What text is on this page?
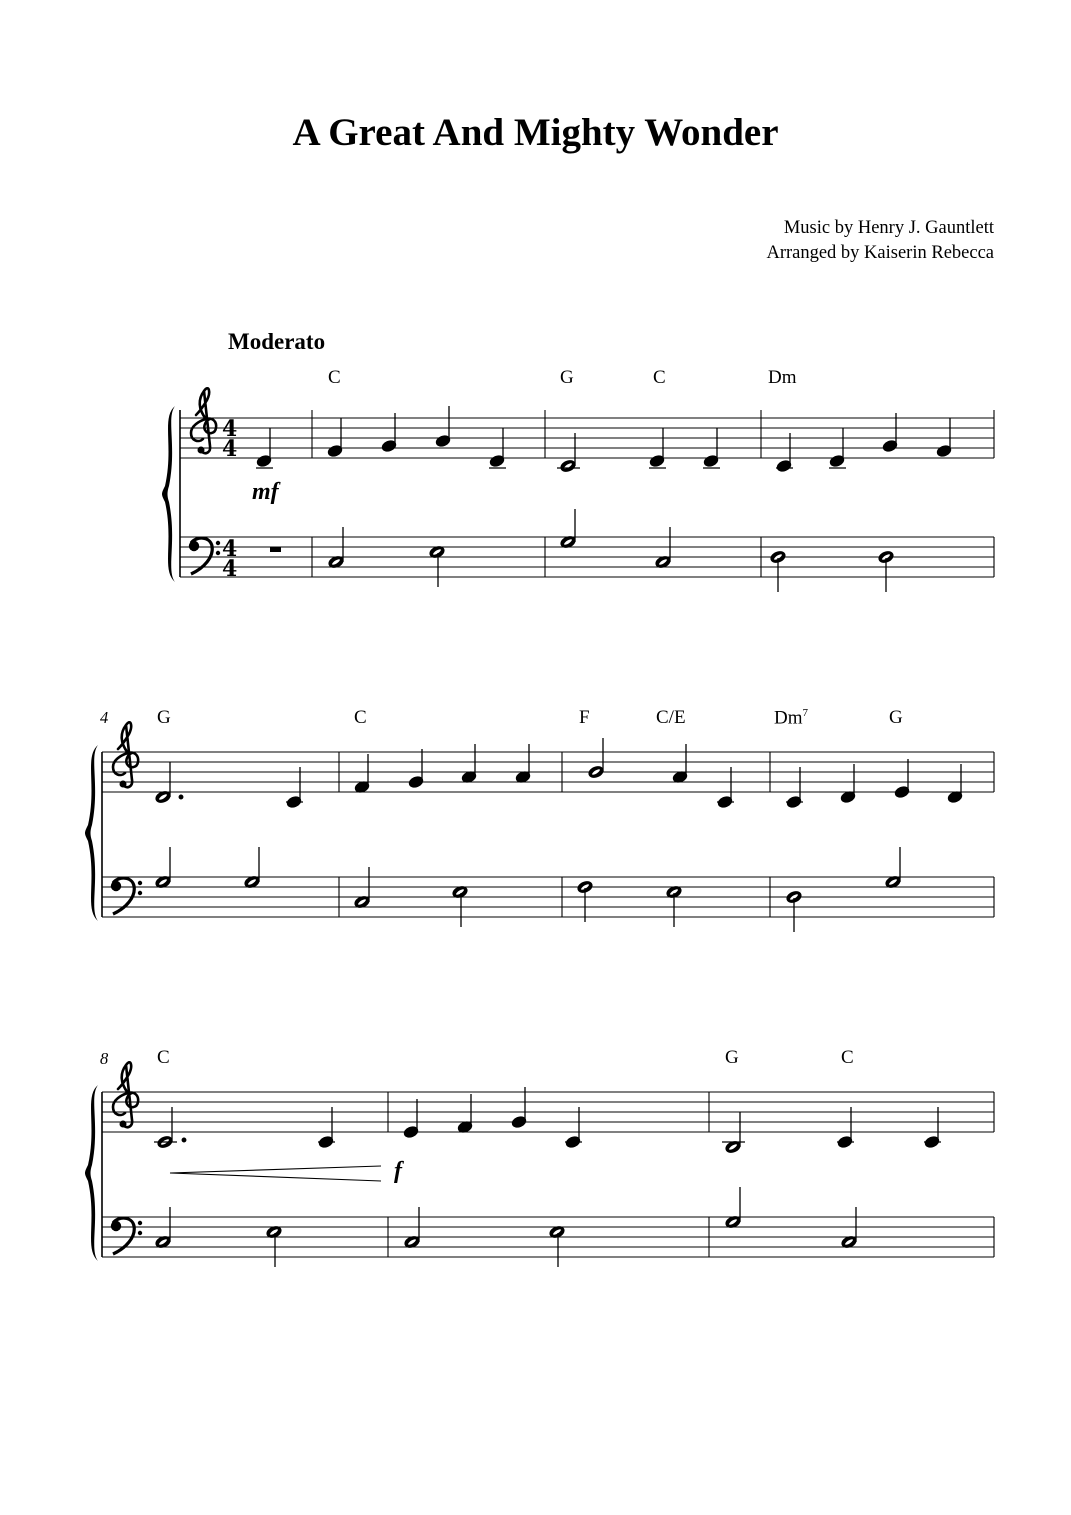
A Great And Mighty Wonder
Music by Henry J. Gauntlett
Arranged by Kaiserin Rebecca
Moderato
C	G	C	Dm
mf
4	G	C	F	C/E	Dm$^7$	G
8	C	G	C
f
4
4
4
4
